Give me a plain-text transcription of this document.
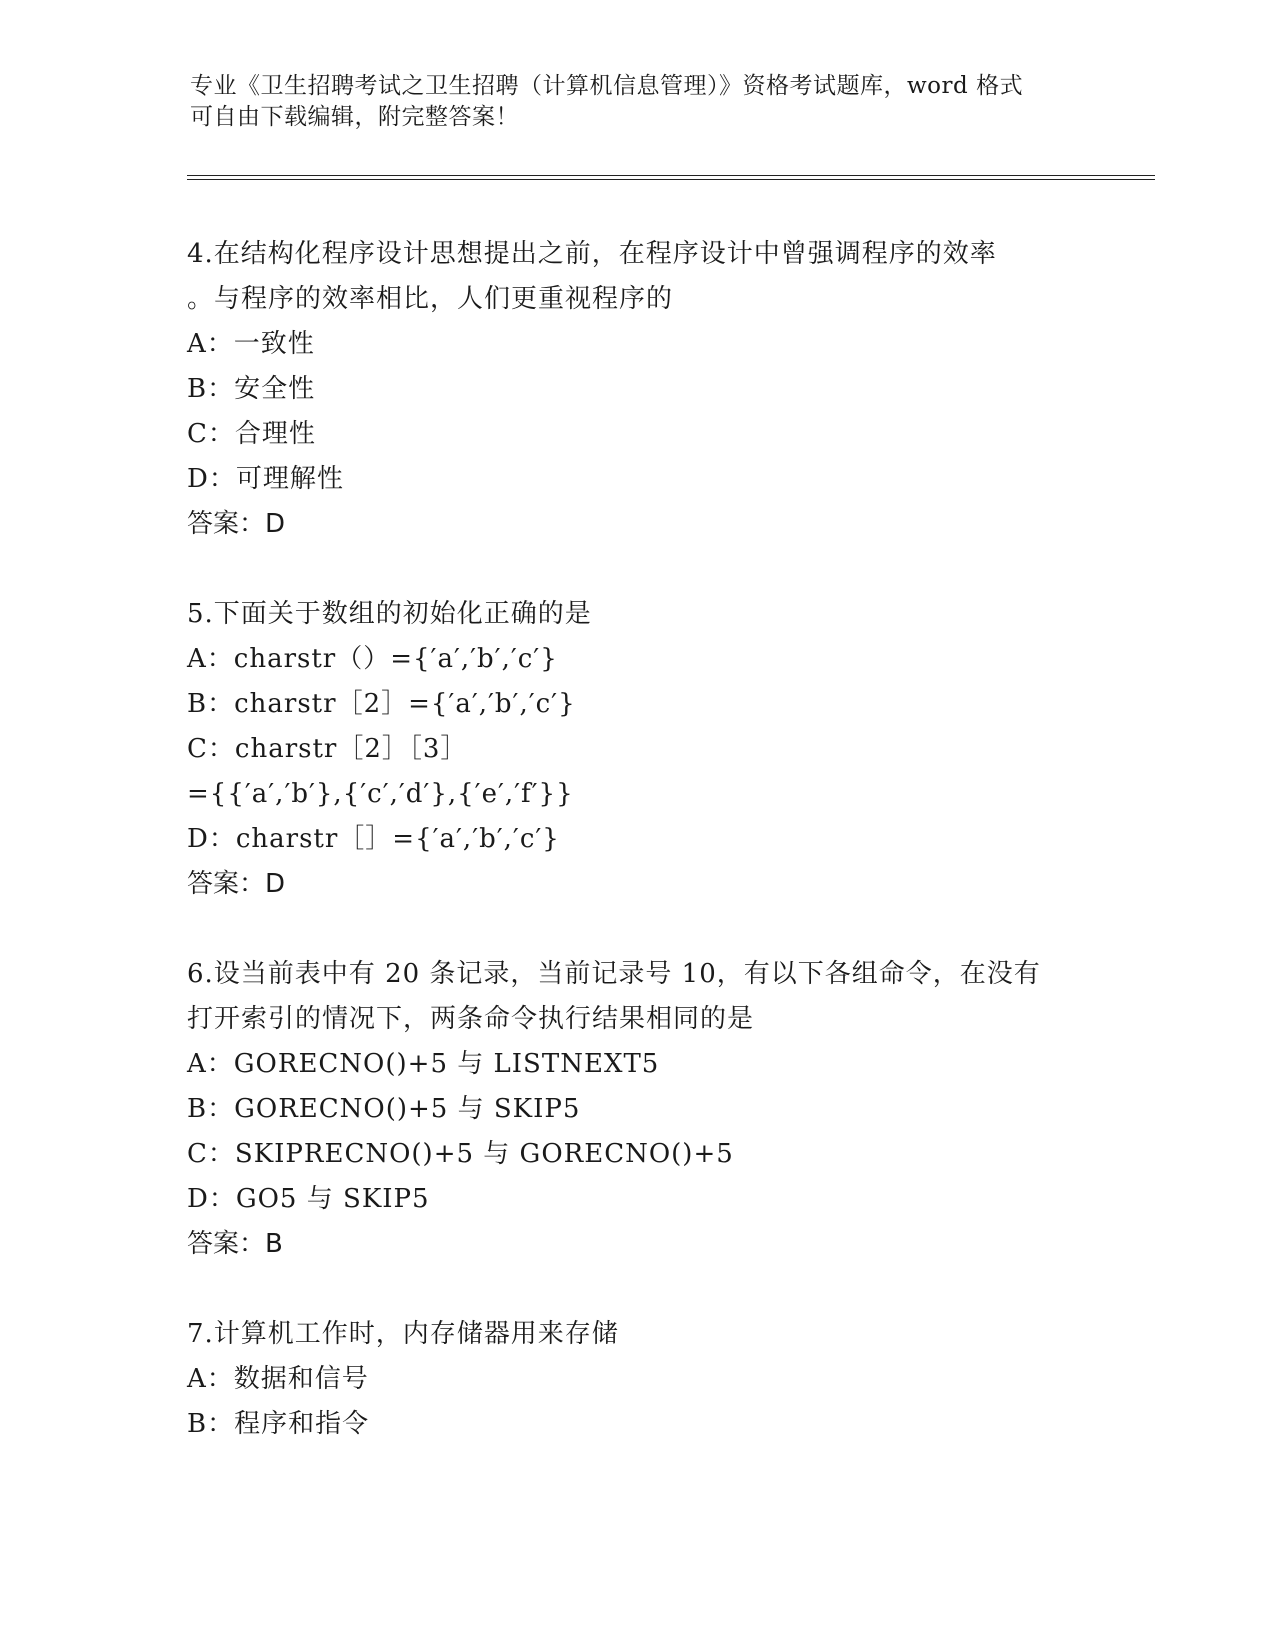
专业《卫生招聘考试之卫生招聘（计算机信息管理）》资格考试题库，word 格式
可自由下载编辑，附完整答案！
4.在结构化程序设计思想提出之前，在程序设计中曾强调程序的效率
。与程序的效率相比，人们更重视程序的
A：一致性
B：安全性
C：合理性
D：可理解性
答案：D
5.下面关于数组的初始化正确的是
A：charstr（）={′a′,′b′,′c′}
B：charstr［2］={′a′,′b′,′c′}
C：charstr［2］［3］
={{′a′,′b′},{′c′,′d′},{′e′,′f′}}
D：charstr［］={′a′,′b′,′c′}
答案：D
6.设当前表中有 20 条记录，当前记录号 10，有以下各组命令，在没有
打开索引的情况下，两条命令执行结果相同的是
A：GORECNO()+5 与 LISTNEXT5
B：GORECNO()+5 与 SKIP5
C：SKIPRECNO()+5 与 GORECNO()+5
D：GO5 与 SKIP5
答案：B
7.计算机工作时，内存储器用来存储
A：数据和信号
B：程序和指令
